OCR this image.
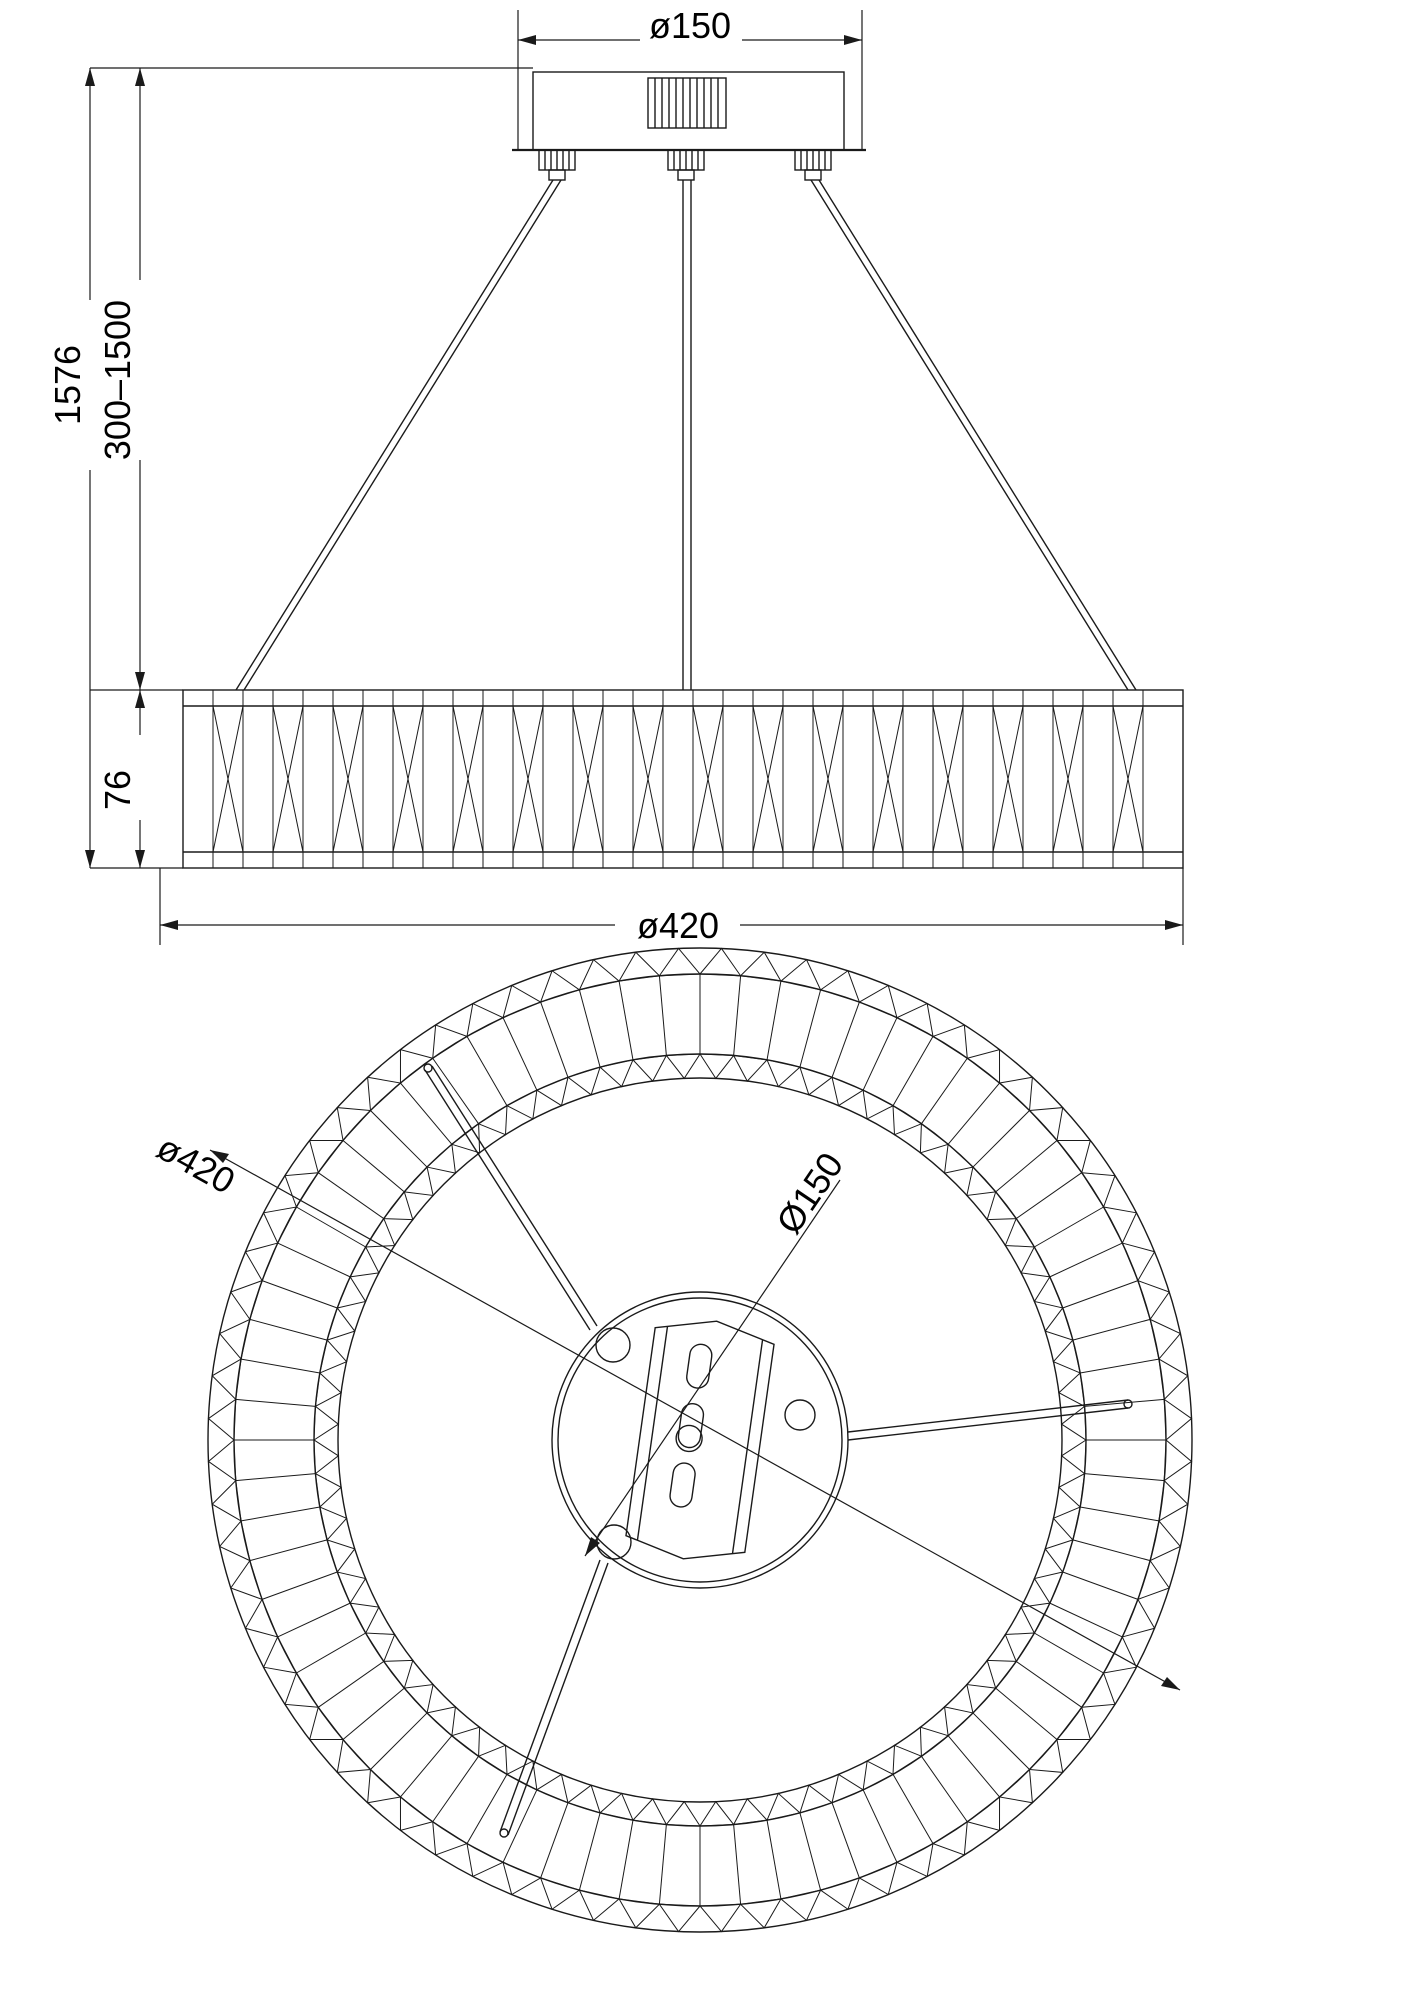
ø150
300–1500
1576
76
ø420
ø420	Ø150
